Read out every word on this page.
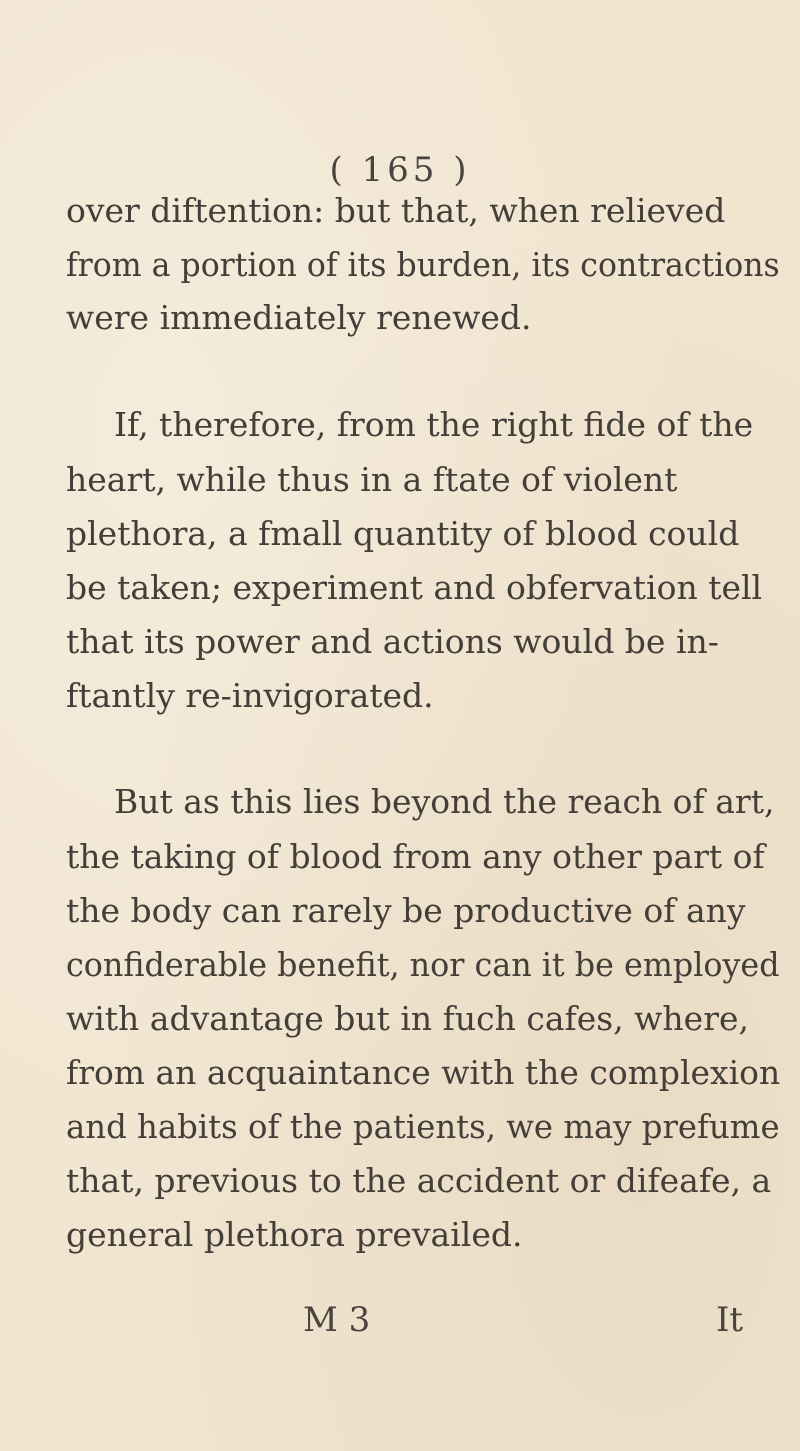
( 165 )
over diftention: but that, when relieved
from a portion of its burden, its contractions
were immediately renewed.
If, therefore, from the right fide of the
heart, while thus in a ftate of violent
plethora, a fmall quantity of blood could
be taken; experiment and obfervation tell
that its power and actions would be in-
ftantly re-invigorated.
But as this lies beyond the reach of art,
the taking of blood from any other part of
the body can rarely be productive of any
confiderable benefit, nor can it be employed
with advantage but in fuch cafes, where,
from an acquaintance with the complexion
and habits of the patients, we may prefume
that, previous to the accident or difeafe, a
general plethora prevailed.
M 3	It
